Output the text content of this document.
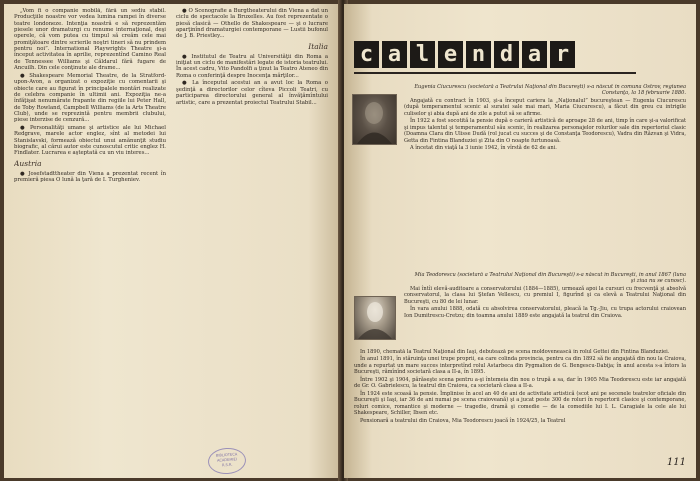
„Vom fi o companie mobilă, fără un sediu stabil. Producţiile noastre vor vedea lumina rampei în diverse teatre londoneze. Intenţia noastră e să reprezentăm piesele unor dramaturgi cu renume internaţional, deşi operele, că vom putea cu timpul să creăm cele mai promiţătoare dintre scrierile noştri tineri să nu prindem pentru noi”. International Playwrights Theatre şi-a început activitatea în aprilie, reprezentînd Camino Real de Tennessee Williams şi Căldarul fără fugare de Ancuilh. Din cele conţinute ale drame...

● Shakespeare Memorial Theatre, de la Stratford-upon-Avon, a organizat o expoziţie cu comentarii şi obiecte care au figurat în principalele montări realizate de celebra companie în ultimii ani. Expoziţia ne-a înfăţişat nenumărate frapante din regiile lui Peter Hall, de Toby Rowland, Campbell Williams (de la Arts Theatre Club), unde se reprezintă pentru membrii clubului, piese interzise de cenzură...

● Personalităţi umane şi artistice ale lui Michael Redgrave, marele actor englez, sînt al metodei lui Stanislavski, formează obiectul unui amănunţit studiu biografic, al cărui autor este cunoscutul critic englez H. Findlater. Lucrarea e aşteptată cu un viu interes...

Austria

● Josefstadttheater din Viena a prezentat recent în premieră piesa O lună la ţară de I. Turgheniev.

● O Scenografie a Burgtheaterului din Viena a dat un ciclu de spectacole la Bruxelles. Au fost reprezentate o piesă clasică — Othello de Shakespeare — şi o lucrare aparţinînd dramaturgiei contemporane — Lustii bufonul de J. B. Priestley...

Italia

● Institutul de Teatru al Universităţii din Roma a iniţiat un ciclu de manifestări legate de istoria teatrului. În acest cadru, Vito Pandolfi a ţinut la Teatro Ateneo din Roma o conferinţă despre Inocenţa mărţilor...

● La începutul acestui an a avut loc la Roma o şedinţă a directorilor celor cîteva Piccoli Teatri, cu participarea directorului general al învăţămîntului artistic, care a prezentat proiectul Teatrului Stabil...

BIBLIOTECA
ACADEMIEI
R.S.R.
c a l e n d a r

Eugenia Ciucurescu (societară a Teatrului Naţional din Bucureşti) s-a născut în comuna Ostrov, regiunea Constanţa, la 18 februarie 1880.

Angajată cu contract în 1903, şi-a început cariera la „Naţionalul” bucureştean — Eugenia Ciucurescu (după temperamentul scenic al suratei sale mai mari, Maria Ciucurescu), a făcut din greu cu intrigile culiselor şi abia după ani de zile a putut să se afirme.

În 1922 a fost socotită la pensie după o carieră artistică de aproape 28 de ani, timp în care şi-a valorificat şi impus talentul şi temperamentul său scenic, în realizarea personajelor rolurilor sale din repertoriul clasic (Doamna Clara din Ulisse Dudă (rol jucat cu succes şi de Constanţa Teodorescu), Vadra din Răzvan şi Vidra, Getta din Fintina Blanduziei şi Zita din O noapte furtunoasă.

A încetat din viaţă la 3 iunie 1942, în vîrstă de 62 de ani.

Mia Teodorescu (societară a Teatrului Naţional din Bucureşti) s-a născut în Bucureşti, în anul 1867 (luna şi ziua nu se cunosc).

Mai întîi elevă-auditoare a conservatorului (1884—1885), urmează apoi la cursuri cu frecvenţă şi absolvă conservatorul, la clasa lui Ştefan Vellescu, cu premiul I, figurînd şi ca elevă a Teatrului Naţional din Bucureşti, cu 80 de lei lunar.

În vara anului 1888, odată cu absolvirea conservatorului, pleacă la Tg.-Jiu, cu trupa actorului craiovean Ion Dumitrescu-Cretzu; din toamna anului 1889 este angajată la teatrul din Craiova.

În 1890, chemată la Teatrul Naţional din Iaşi, debutează pe scena moldovenească în rolul Gettei din Fintina Blanduziei.

În anul 1891, în stăruinţa unei trupe proprii, ea care colinda provincia, pentru ca din 1892 să fie angajată din nou la Craiova, unde a repurtat un mare succes interpretînd rolul Astarbeca din Pygmalion de G. Bengescu-Dabija; în anul acesta s-a întors la Bucureşti, rămînînd societară clasa a II-a, în 1895.

Între 1902 şi 1904, părăseşte scena pentru a-şi întemeia din nou o trupă a sa, dar în 1905 Mia Teodorescu este iar angajată de Gr. O. Gabrielescu, la teatrul din Craiova, ca societară clasa a II-a.

În 1924 este scoasă la pensie. Împlinise în acel an 40 de ani de activitate artistică (scot ani pe secenele teatrelor oficiale din Bucureşti şi Iaşi, iar 36 de ani numai pe scena craioveană) şi a jucat peste 300 de roluri în repertorii clasice şi contemporane, roluri comice, romantice şi moderne — tragedie, dramă şi comedie — de la comediile lui I. L. Caragiale la cele ale lui Shakespeare, Schiller, Ibsen etc.

Pensionară a teatrului din Craiova, Mia Teodorescu joacă în 1924/25, la Teatrul

111
